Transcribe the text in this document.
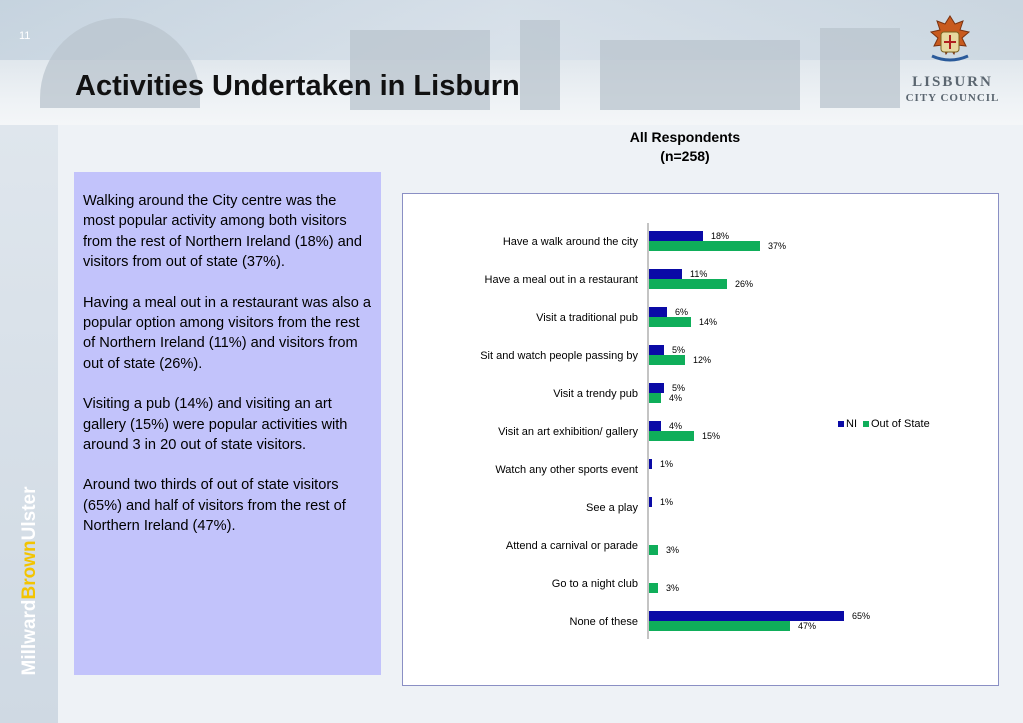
11
Activities Undertaken in Lisburn	LISBURN
CITY COUNCIL
MillwardBrownUlster
All Respondents
(n=258)

Walking around the City centre was the most popular activity among both visitors from the rest of Northern Ireland (18%) and visitors from out of state (37%).

Having a meal out in a restaurant was also a popular option among visitors from the rest of Northern Ireland (11%) and visitors from out of state (26%).

Visiting a pub (14%) and visiting an art gallery (15%) were popular activities with around 3 in 20 out of state visitors.

Around two thirds of out of state visitors (65%) and half of visitors from the rest of Northern Ireland (47%).

Have a walk around the city	18%
37%
Have a meal out in a restaurant	11%
26%
Visit a traditional pub	6%
14%
Sit and watch people passing by	5%
12%
Visit a trendy pub	5%
4%
Visit an art exhibition/ gallery	4%
15%
Watch any other sports event 1%
See a play 1%
Attend a carnival or parade	3%
Go to a night club	3%
None of these	65%
47%
NI Out of State
